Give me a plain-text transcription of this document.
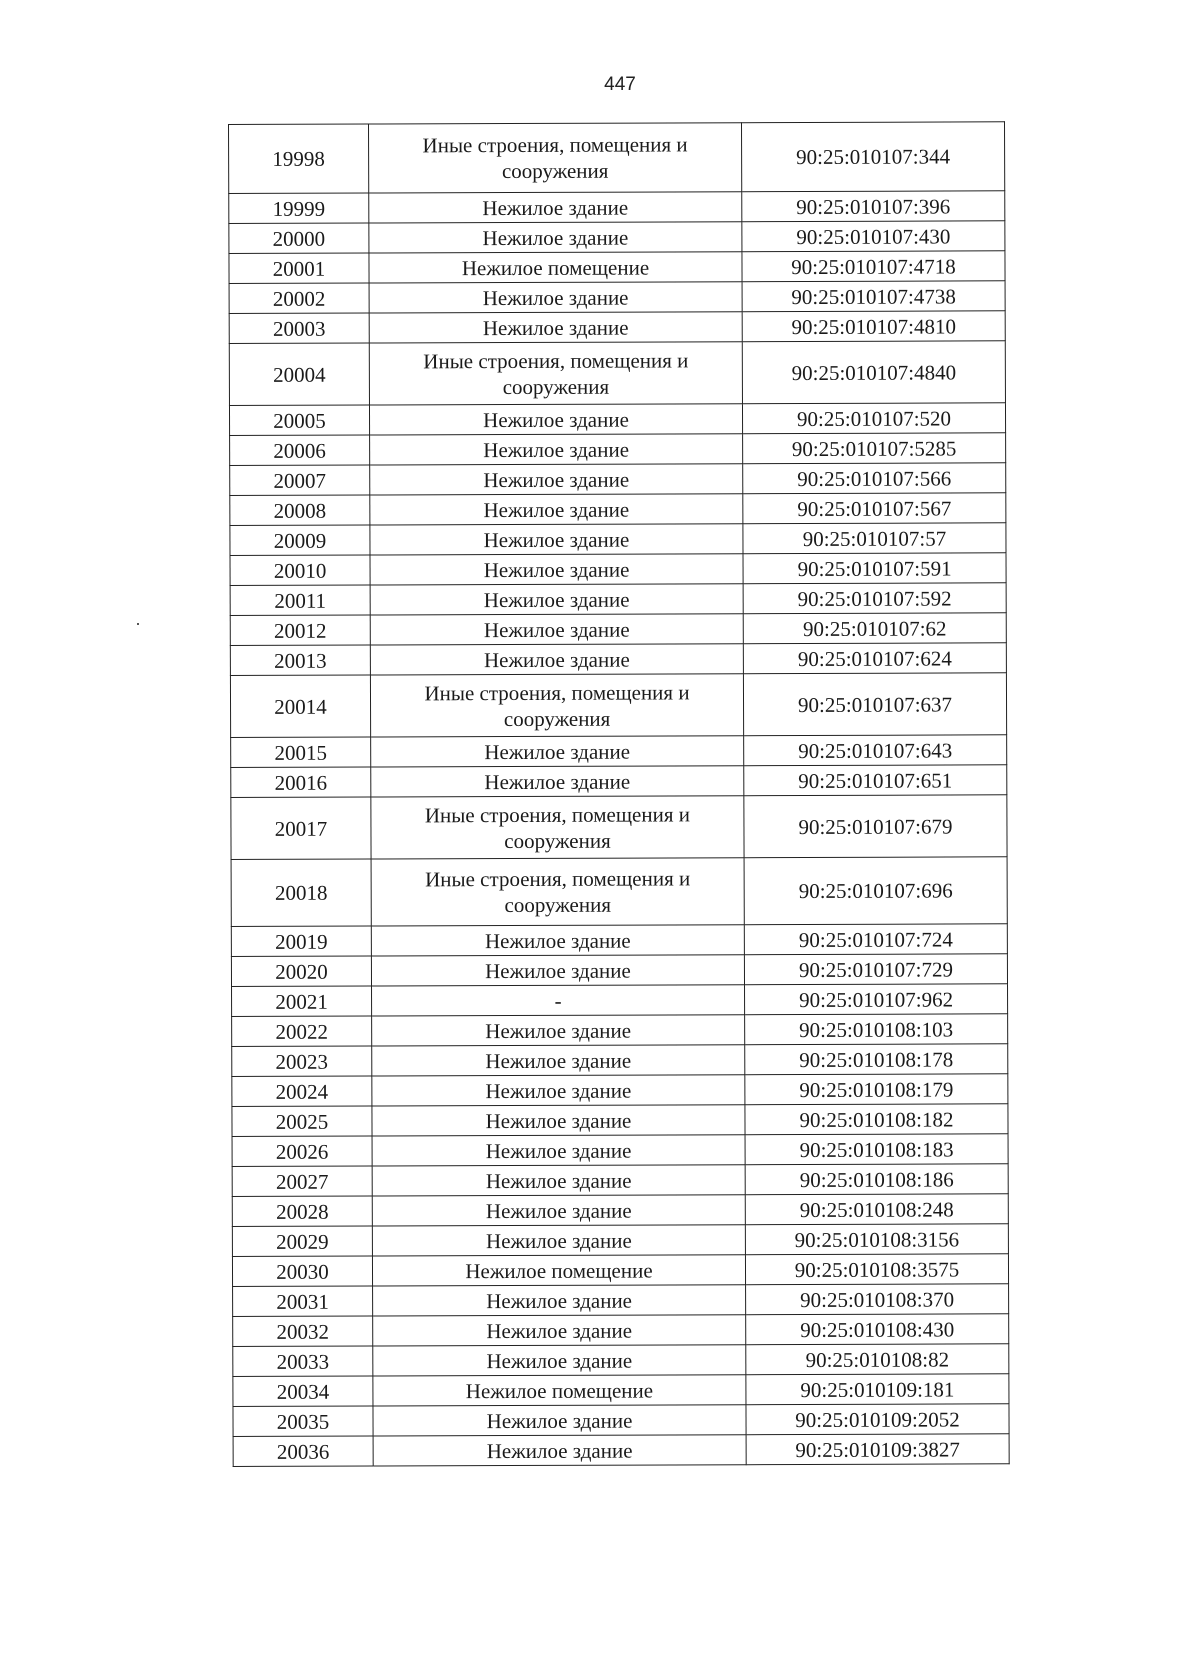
447
19998	Иные строения, помещения и сооружения	90:25:010107:344
19999	Нежилое здание	90:25:010107:396
20000	Нежилое здание	90:25:010107:430
20001	Нежилое помещение	90:25:010107:4718
20002	Нежилое здание	90:25:010107:4738
20003	Нежилое здание	90:25:010107:4810
20004	Иные строения, помещения и сооружения	90:25:010107:4840
20005	Нежилое здание	90:25:010107:520
20006	Нежилое здание	90:25:010107:5285
20007	Нежилое здание	90:25:010107:566
20008	Нежилое здание	90:25:010107:567
20009	Нежилое здание	90:25:010107:57
20010	Нежилое здание	90:25:010107:591
20011	Нежилое здание	90:25:010107:592
20012	Нежилое здание	90:25:010107:62
20013	Нежилое здание	90:25:010107:624
20014	Иные строения, помещения и сооружения	90:25:010107:637
20015	Нежилое здание	90:25:010107:643
20016	Нежилое здание	90:25:010107:651
20017	Иные строения, помещения и сооружения	90:25:010107:679
20018	Иные строения, помещения и сооружения	90:25:010107:696
20019	Нежилое здание	90:25:010107:724
20020	Нежилое здание	90:25:010107:729
20021	-	90:25:010107:962
20022	Нежилое здание	90:25:010108:103
20023	Нежилое здание	90:25:010108:178
20024	Нежилое здание	90:25:010108:179
20025	Нежилое здание	90:25:010108:182
20026	Нежилое здание	90:25:010108:183
20027	Нежилое здание	90:25:010108:186
20028	Нежилое здание	90:25:010108:248
20029	Нежилое здание	90:25:010108:3156
20030	Нежилое помещение	90:25:010108:3575
20031	Нежилое здание	90:25:010108:370
20032	Нежилое здание	90:25:010108:430
20033	Нежилое здание	90:25:010108:82
20034	Нежилое помещение	90:25:010109:181
20035	Нежилое здание	90:25:010109:2052
20036	Нежилое здание	90:25:010109:3827
